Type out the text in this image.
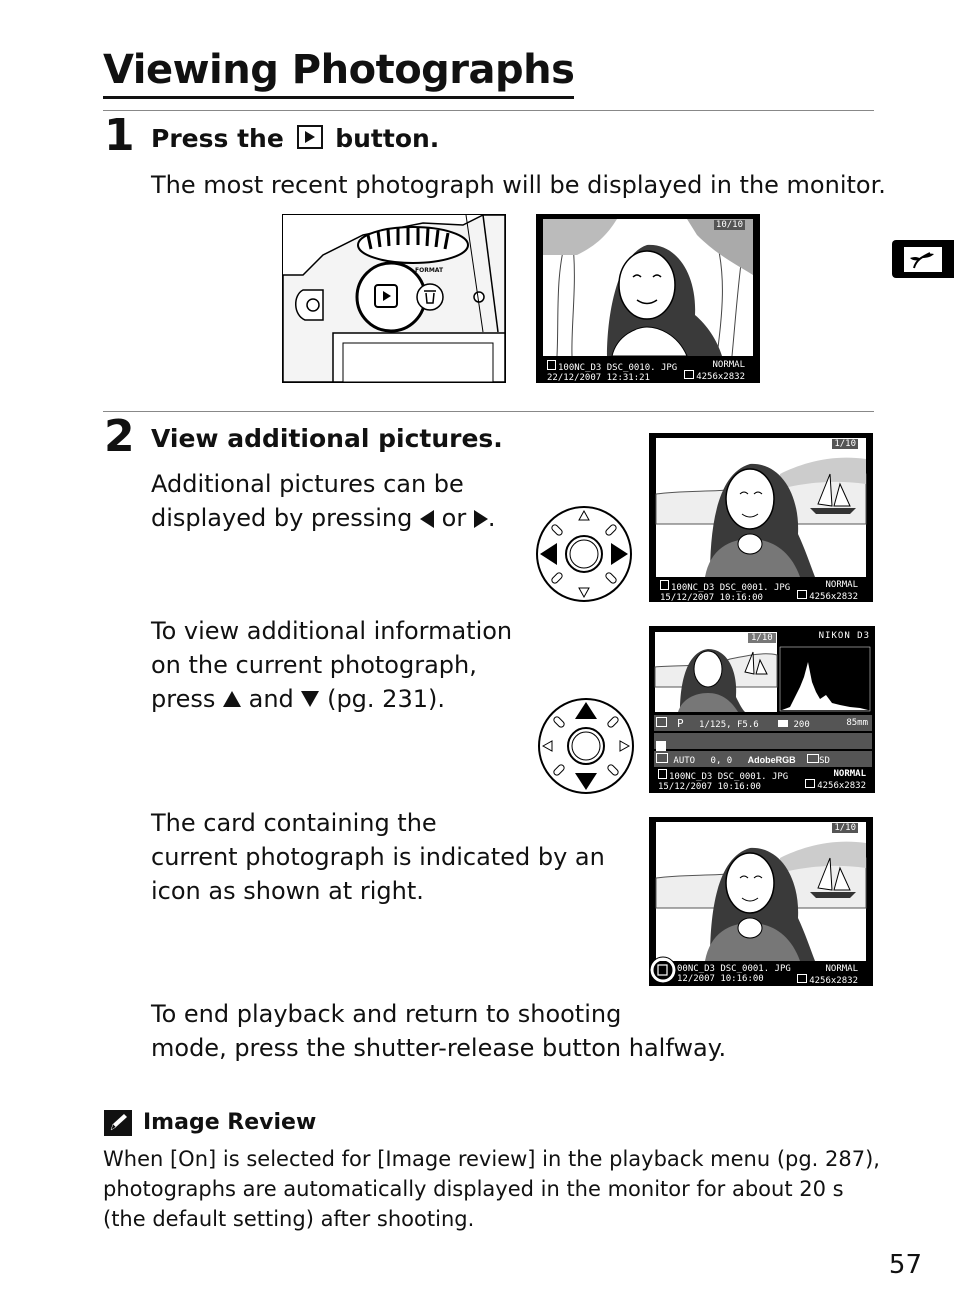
Viewing Photographs
1 Press the button.
The most recent photograph will be displayed in the monitor.
FORMAT
10/10
100NC_D3 DSC_0010. JPG
22/12/2007 12:31:21
NORMAL
4256x2832
2 View additional pictures.
Additional pictures can be
displayed by pressing or .
1/10
100NC_D3 DSC_0001. JPG
15/12/2007 10:16:00
NORMAL
4256x2832
To view additional information
on the current photograph,
press and (pg. 231).
1/10	NIKON D3
P 1/125, F5.6	200	85mm
AUTO 0, 0 AdobeRGB	SD
100NC_D3 DSC_0001. JPG
15/12/2007 10:16:00
NORMAL
4256x2832
The card containing the
current photograph is indicated by an
icon as shown at right.
1/10
00NC_D3 DSC_0001. JPG
12/2007 10:16:00
NORMAL
4256x2832
To end playback and return to shooting
mode, press the shutter-release button halfway.
Image Review
When [On] is selected for [Image review] in the playback menu (pg. 287),
photographs are automatically displayed in the monitor for about 20 s
(the default setting) after shooting.
57
